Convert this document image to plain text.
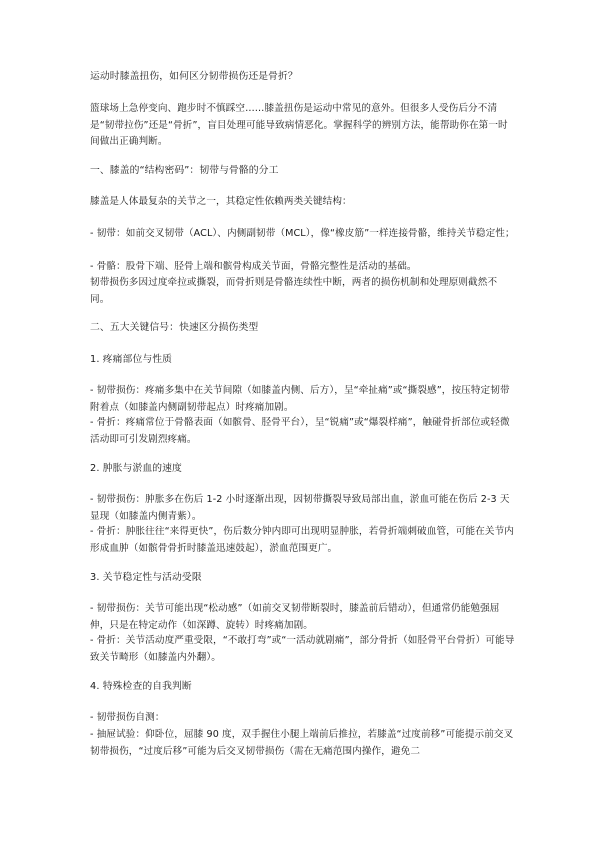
运动时膝盖扭伤，如何区分韧带损伤还是骨折？
篮球场上急停变向、跑步时不慎踩空……膝盖扭伤是运动中常见的意外。但很多人受伤后分不清是“韧带拉伤”还是“骨折”，盲目处理可能导致病情恶化。掌握科学的辨别方法，能帮助你在第一时间做出正确判断。
一、膝盖的“结构密码”：韧带与骨骼的分工
膝盖是人体最复杂的关节之一，其稳定性依赖两类关键结构：
- 韧带：如前交叉韧带（ACL）、内侧副韧带（MCL），像“橡皮筋”一样连接骨骼，维持关节稳定性；
- 骨骼：股骨下端、胫骨上端和髌骨构成关节面，骨骼完整性是活动的基础。
韧带损伤多因过度牵拉或撕裂，而骨折则是骨骼连续性中断，两者的损伤机制和处理原则截然不同。
二、五大关键信号：快速区分损伤类型
1. 疼痛部位与性质
- 韧带损伤：疼痛多集中在关节间隙（如膝盖内侧、后方），呈“牵扯痛”或“撕裂感”，按压特定韧带附着点（如膝盖内侧副韧带起点）时疼痛加剧。
- 骨折：疼痛常位于骨骼表面（如髌骨、胫骨平台），呈“锐痛”或“爆裂样痛”，触碰骨折部位或轻微活动即可引发剧烈疼痛。
2. 肿胀与淤血的速度
- 韧带损伤：肿胀多在伤后 1-2 小时逐渐出现，因韧带撕裂导致局部出血，淤血可能在伤后 2-3 天显现（如膝盖内侧青紫）。
- 骨折：肿胀往往“来得更快”，伤后数分钟内即可出现明显肿胀，若骨折端刺破血管，可能在关节内形成血肿（如髌骨骨折时膝盖迅速鼓起），淤血范围更广。
3. 关节稳定性与活动受限
- 韧带损伤：关节可能出现“松动感”（如前交叉韧带断裂时，膝盖前后错动），但通常仍能勉强屈伸，只是在特定动作（如深蹲、旋转）时疼痛加剧。
- 骨折：关节活动度严重受限，“不敢打弯”或“一活动就剧痛”，部分骨折（如胫骨平台骨折）可能导致关节畸形（如膝盖内外翻）。
4. 特殊检查的自我判断
- 韧带损伤自测：
- 抽屉试验：仰卧位，屈膝 90 度，双手握住小腿上端前后推拉，若膝盖“过度前移”可能提示前交叉韧带损伤，“过度后移”可能为后交叉韧带损伤（需在无痛范围内操作，避免二
